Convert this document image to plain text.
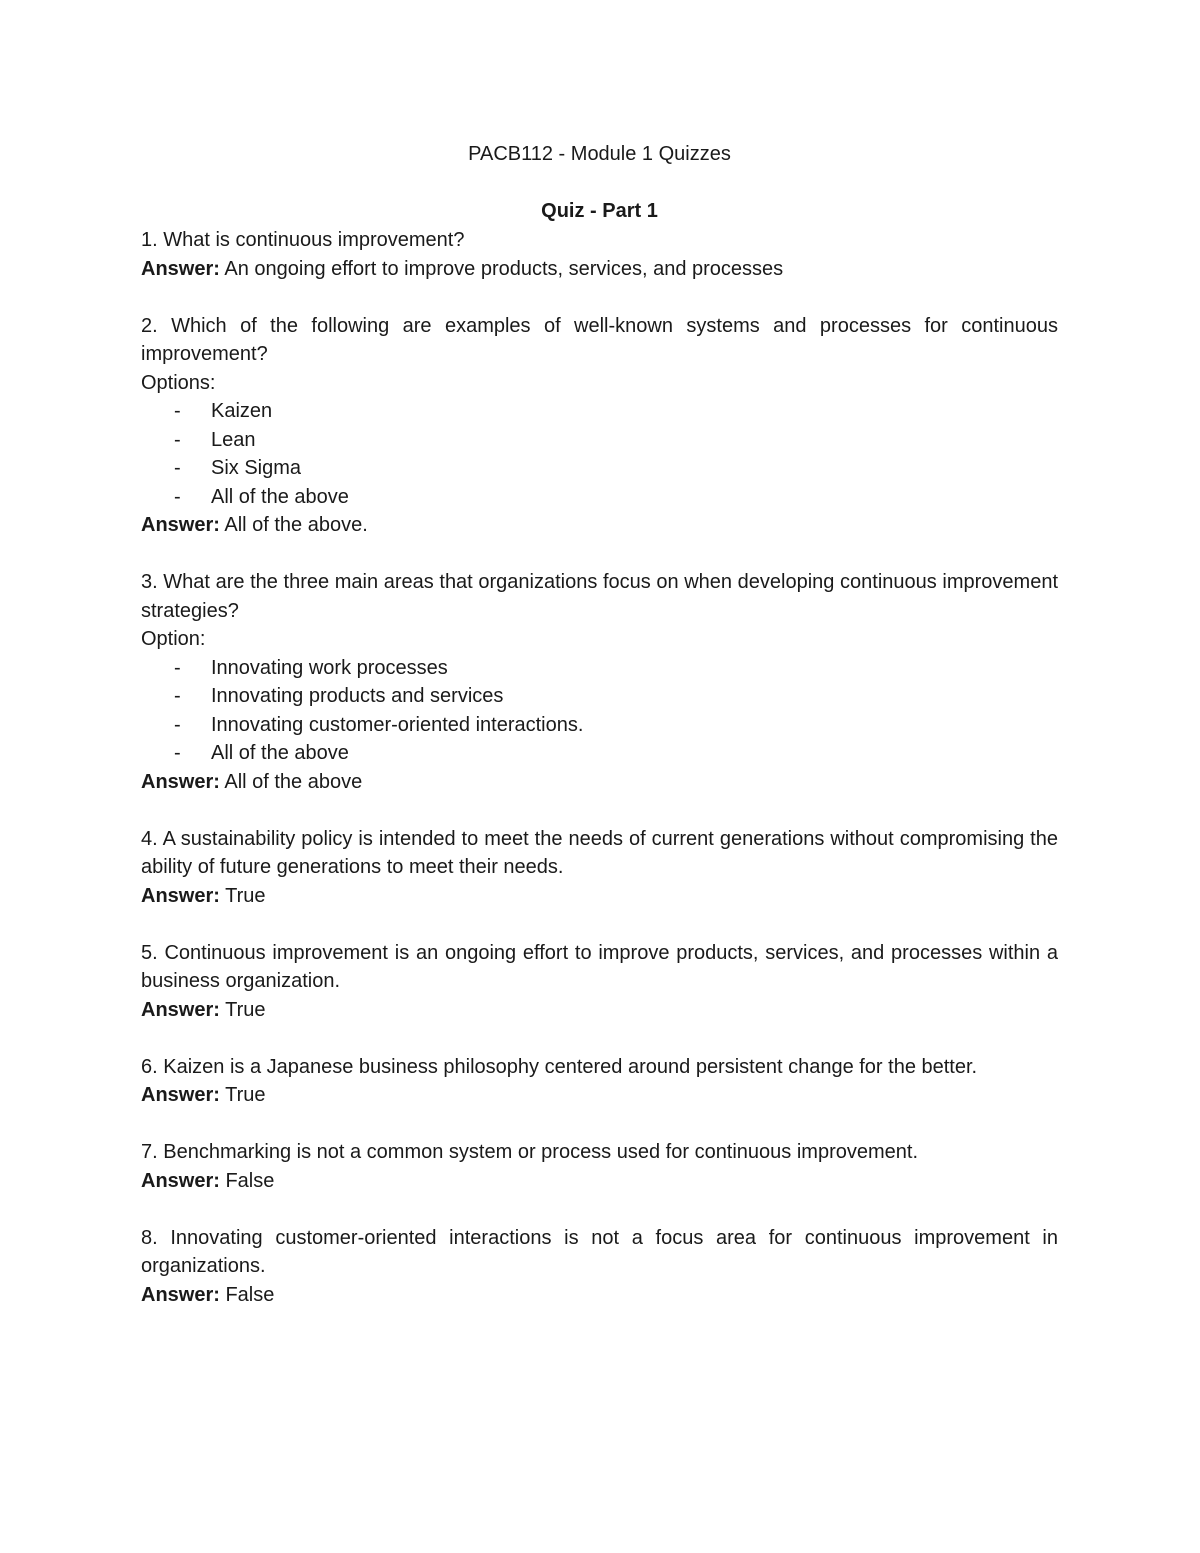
PACB112 - Module 1 Quizzes

Quiz - Part 1

1. What is continuous improvement?

Answer: An ongoing effort to improve products, services, and processes

2. Which of the following are examples of well-known systems and processes for continuous improvement?

Options:

- Kaizen
- Lean
- Six Sigma
- All of the above

Answer: All of the above.

3. What are the three main areas that organizations focus on when developing continuous improvement strategies?

Option:

- Innovating work processes
- Innovating products and services
- Innovating customer-oriented interactions.
- All of the above

Answer: All of the above

4. A sustainability policy is intended to meet the needs of current generations without compromising the ability of future generations to meet their needs.

Answer: True

5. Continuous improvement is an ongoing effort to improve products, services, and processes within a business organization.

Answer: True

6. Kaizen is a Japanese business philosophy centered around persistent change for the better.

Answer: True

7. Benchmarking is not a common system or process used for continuous improvement.

Answer: False

8. Innovating customer-oriented interactions is not a focus area for continuous improvement in organizations.

Answer: False
